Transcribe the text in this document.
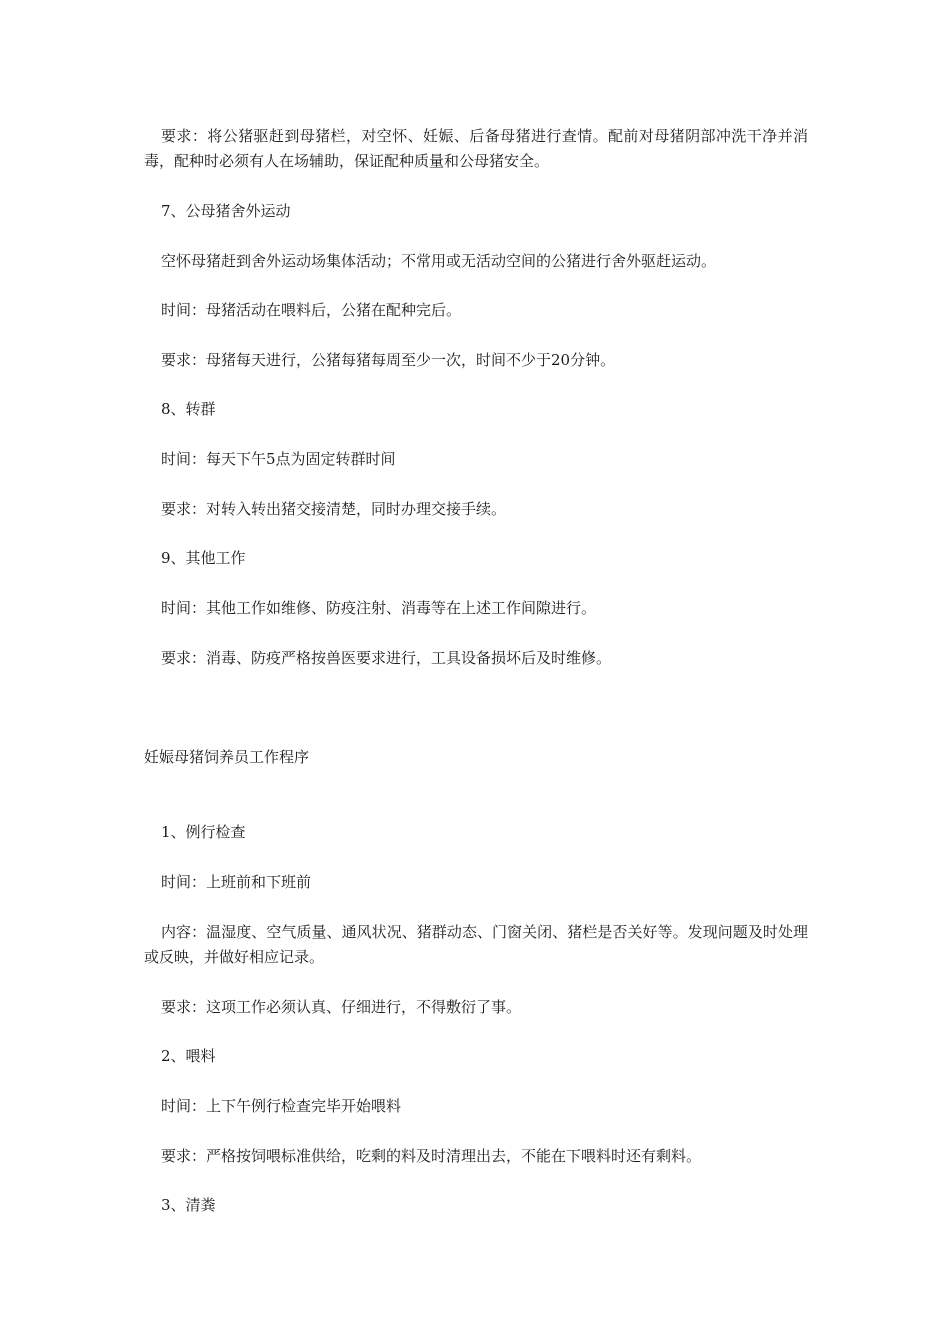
要求：将公猪驱赶到母猪栏，对空怀、妊娠、后备母猪进行查情。配前对母猪阴部冲洗干净并消毒，配种时必须有人在场辅助，保证配种质量和公母猪安全。

7、公母猪舍外运动

空怀母猪赶到舍外运动场集体活动；不常用或无活动空间的公猪进行舍外驱赶运动。

时间：母猪活动在喂料后，公猪在配种完后。

要求：母猪每天进行，公猪每猪每周至少一次，时间不少于20分钟。

8、转群

时间：每天下午5点为固定转群时间

要求：对转入转出猪交接清楚，同时办理交接手续。

9、其他工作

时间：其他工作如维修、防疫注射、消毒等在上述工作间隙进行。

要求：消毒、防疫严格按兽医要求进行，工具设备损坏后及时维修。

妊娠母猪饲养员工作程序

1、例行检查

时间：上班前和下班前

内容：温湿度、空气质量、通风状况、猪群动态、门窗关闭、猪栏是否关好等。发现问题及时处理或反映，并做好相应记录。

要求：这项工作必须认真、仔细进行，不得敷衍了事。

2、喂料

时间：上下午例行检查完毕开始喂料

要求：严格按饲喂标准供给，吃剩的料及时清理出去，不能在下喂料时还有剩料。

3、清粪
